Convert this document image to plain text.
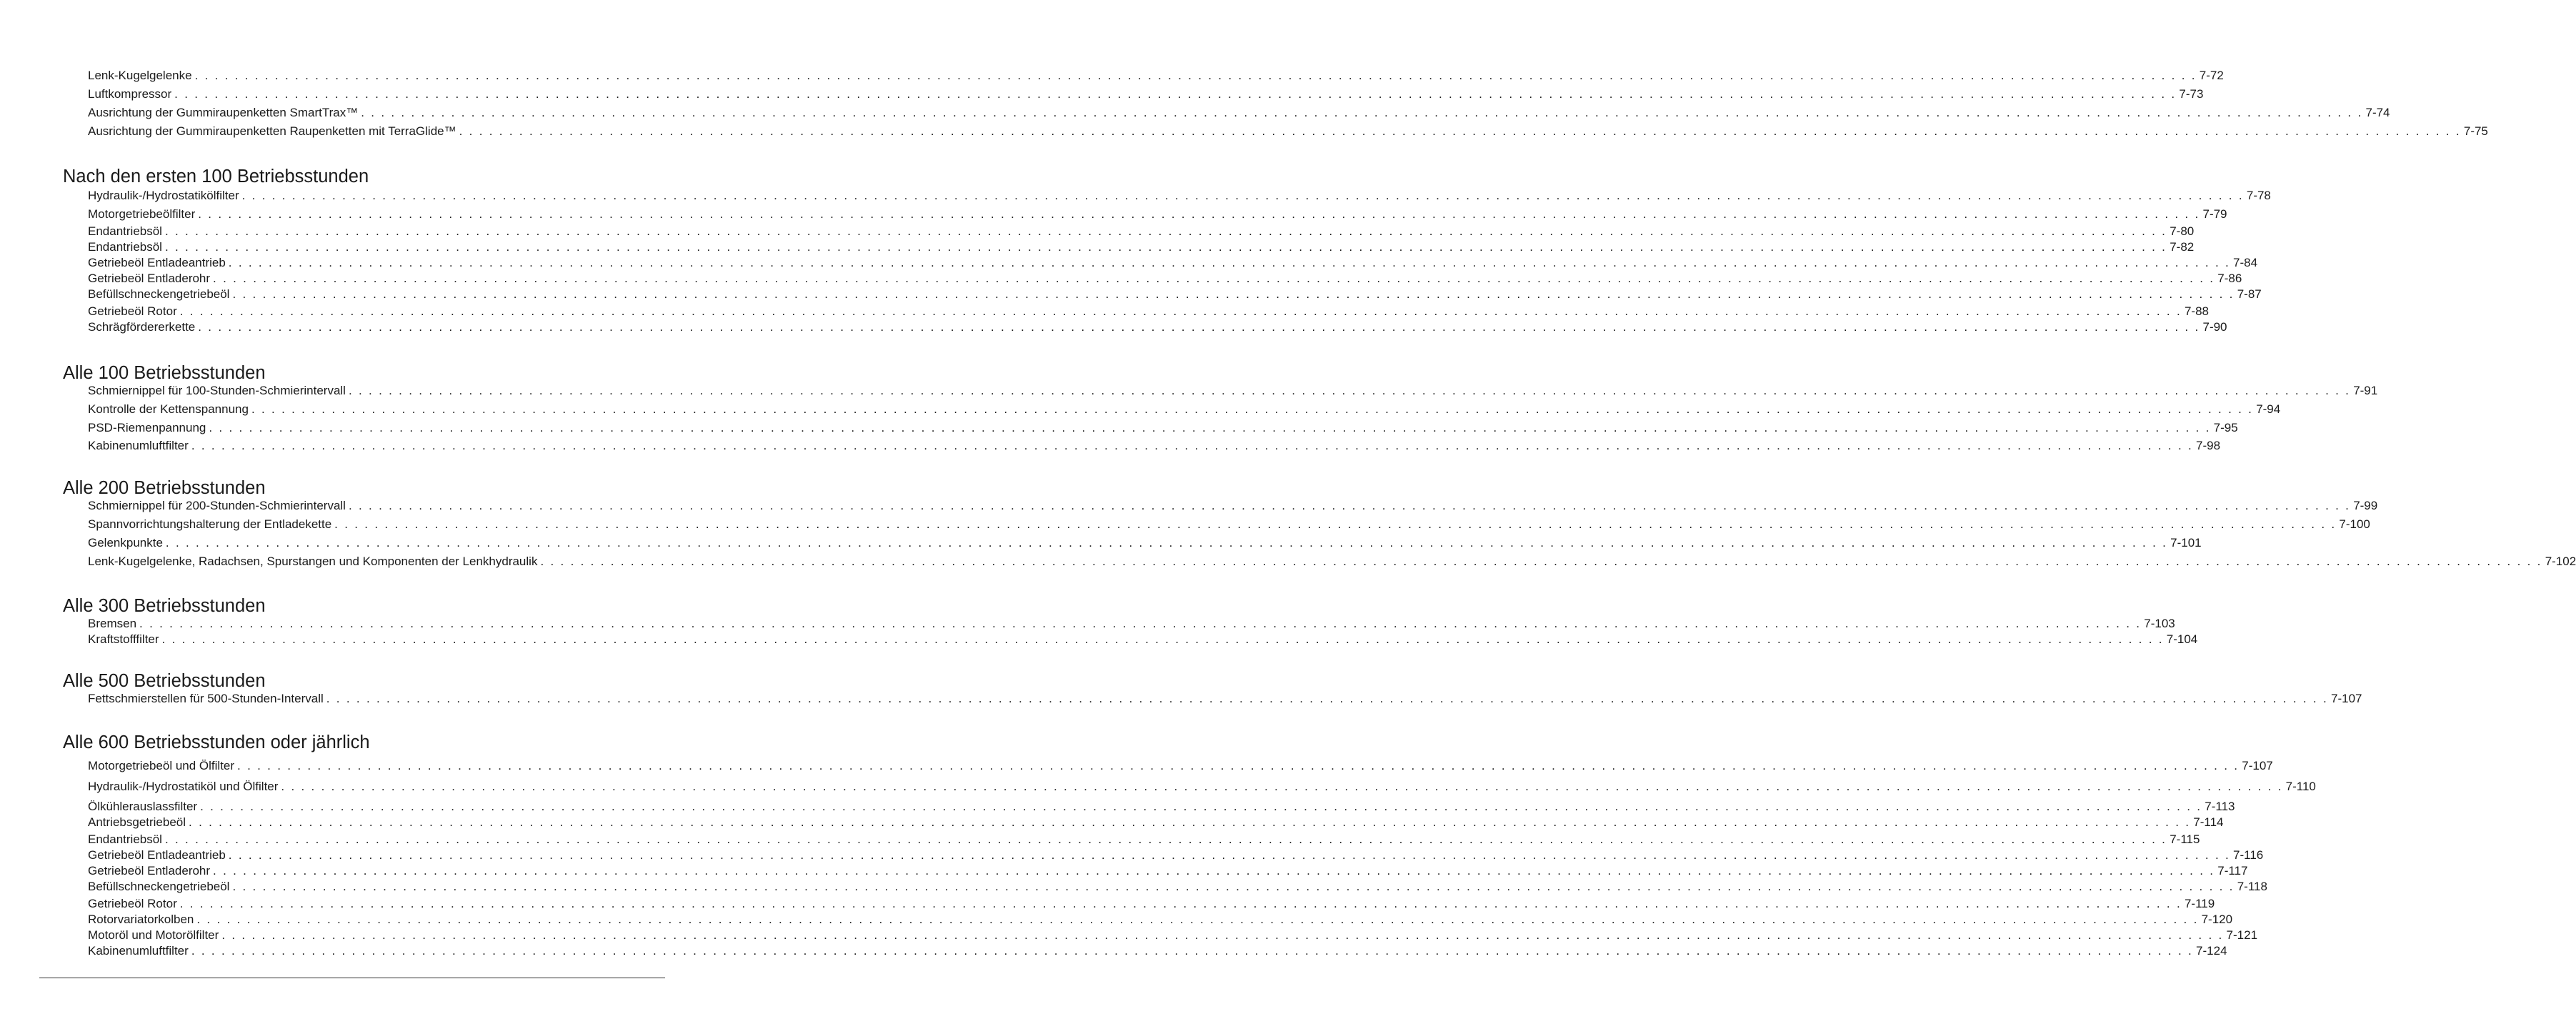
Lenk-Kugelgelenke . . . . . . . . . . . . . . . . . . . . . . . . . . . . . . . . . . . . . . . . . . . . . . . . . . . . . . . . . . . . . . . . . . . . . . . . . . . . . . . . . . . . . . . . . . . . . . . . . . . . . . . . . . . . . . . . . . . . . . . . . . . . . . . . . . . . . . . . . . . . . . . . . . . . . . . . . . . . . . . . . . . . . . . . . . . . . . . . . . . . . . . . . . . . . . . . . . . . . . . . 7-72
Luftkompressor . . . . . . . . . . . . . . . . . . . . . . . . . . . . . . . . . . . . . . . . . . . . . . . . . . . . . . . . . . . . . . . . . . . . . . . . . . . . . . . . . . . . . . . . . . . . . . . . . . . . . . . . . . . . . . . . . . . . . . . . . . . . . . . . . . . . . . . . . . . . . . . . . . . . . . . . . . . . . . . . . . . . . . . . . . . . . . . . . . . . . . . . . . . . . . . . . . . . . . . . 7-73
Ausrichtung der Gummiraupenketten SmartTrax™ . . . . . . . . . . . . . . . . . . . . . . . . . . . . . . . . . . . . . . . . . . . . . . . . . . . . . . . . . . . . . . . . . . . . . . . . . . . . . . . . . . . . . . . . . . . . . . . . . . . . . . . . . . . . . . . . . . . . . . . . . . . . . . . . . . . . . . . . . . . . . . . . . . . . . . . . . . . . . . . . . . . . . . . . . . . . . . . . . . . . . . . . . . . . . . . . . . . . . . . . 7-74
Ausrichtung der Gummiraupenketten Raupenketten mit TerraGlide™ . . . . . . . . . . . . . . . . . . . . . . . . . . . . . . . . . . . . . . . . . . . . . . . . . . . . . . . . . . . . . . . . . . . . . . . . . . . . . . . . . . . . . . . . . . . . . . . . . . . . . . . . . . . . . . . . . . . . . . . . . . . . . . . . . . . . . . . . . . . . . . . . . . . . . . . . . . . . . . . . . . . . . . . . . . . . . . . . . . . . . . . . . . . . . . . . . . . . . . . . 7-75
Nach den ersten 100 Betriebsstunden
Hydraulik-/Hydrostatikölfilter . . . . . . . . . . . . . . . . . . . . . . . . . . . . . . . . . . . . . . . . . . . . . . . . . . . . . . . . . . . . . . . . . . . . . . . . . . . . . . . . . . . . . . . . . . . . . . . . . . . . . . . . . . . . . . . . . . . . . . . . . . . . . . . . . . . . . . . . . . . . . . . . . . . . . . . . . . . . . . . . . . . . . . . . . . . . . . . . . . . . . . . . . . . . . . . . . . . . . . . . 7-78
Motorgetriebeölfilter . . . . . . . . . . . . . . . . . . . . . . . . . . . . . . . . . . . . . . . . . . . . . . . . . . . . . . . . . . . . . . . . . . . . . . . . . . . . . . . . . . . . . . . . . . . . . . . . . . . . . . . . . . . . . . . . . . . . . . . . . . . . . . . . . . . . . . . . . . . . . . . . . . . . . . . . . . . . . . . . . . . . . . . . . . . . . . . . . . . . . . . . . . . . . . . . . . . . . . . . 7-79
Endantriebsöl . . . . . . . . . . . . . . . . . . . . . . . . . . . . . . . . . . . . . . . . . . . . . . . . . . . . . . . . . . . . . . . . . . . . . . . . . . . . . . . . . . . . . . . . . . . . . . . . . . . . . . . . . . . . . . . . . . . . . . . . . . . . . . . . . . . . . . . . . . . . . . . . . . . . . . . . . . . . . . . . . . . . . . . . . . . . . . . . . . . . . . . . . . . . . . . . . . . . . . . . 7-80
Endantriebsöl . . . . . . . . . . . . . . . . . . . . . . . . . . . . . . . . . . . . . . . . . . . . . . . . . . . . . . . . . . . . . . . . . . . . . . . . . . . . . . . . . . . . . . . . . . . . . . . . . . . . . . . . . . . . . . . . . . . . . . . . . . . . . . . . . . . . . . . . . . . . . . . . . . . . . . . . . . . . . . . . . . . . . . . . . . . . . . . . . . . . . . . . . . . . . . . . . . . . . . . . 7-82
Getriebeöl Entladeantrieb . . . . . . . . . . . . . . . . . . . . . . . . . . . . . . . . . . . . . . . . . . . . . . . . . . . . . . . . . . . . . . . . . . . . . . . . . . . . . . . . . . . . . . . . . . . . . . . . . . . . . . . . . . . . . . . . . . . . . . . . . . . . . . . . . . . . . . . . . . . . . . . . . . . . . . . . . . . . . . . . . . . . . . . . . . . . . . . . . . . . . . . . . . . . . . . . . . . . . . . . 7-84
Getriebeöl Entladerohr . . . . . . . . . . . . . . . . . . . . . . . . . . . . . . . . . . . . . . . . . . . . . . . . . . . . . . . . . . . . . . . . . . . . . . . . . . . . . . . . . . . . . . . . . . . . . . . . . . . . . . . . . . . . . . . . . . . . . . . . . . . . . . . . . . . . . . . . . . . . . . . . . . . . . . . . . . . . . . . . . . . . . . . . . . . . . . . . . . . . . . . . . . . . . . . . . . . . . . . . 7-86
Befüllschneckengetriebeöl . . . . . . . . . . . . . . . . . . . . . . . . . . . . . . . . . . . . . . . . . . . . . . . . . . . . . . . . . . . . . . . . . . . . . . . . . . . . . . . . . . . . . . . . . . . . . . . . . . . . . . . . . . . . . . . . . . . . . . . . . . . . . . . . . . . . . . . . . . . . . . . . . . . . . . . . . . . . . . . . . . . . . . . . . . . . . . . . . . . . . . . . . . . . . . . . . . . . . . . . 7-87
Getriebeöl Rotor . . . . . . . . . . . . . . . . . . . . . . . . . . . . . . . . . . . . . . . . . . . . . . . . . . . . . . . . . . . . . . . . . . . . . . . . . . . . . . . . . . . . . . . . . . . . . . . . . . . . . . . . . . . . . . . . . . . . . . . . . . . . . . . . . . . . . . . . . . . . . . . . . . . . . . . . . . . . . . . . . . . . . . . . . . . . . . . . . . . . . . . . . . . . . . . . . . . . . . . . 7-88
Schrägfördererkette . . . . . . . . . . . . . . . . . . . . . . . . . . . . . . . . . . . . . . . . . . . . . . . . . . . . . . . . . . . . . . . . . . . . . . . . . . . . . . . . . . . . . . . . . . . . . . . . . . . . . . . . . . . . . . . . . . . . . . . . . . . . . . . . . . . . . . . . . . . . . . . . . . . . . . . . . . . . . . . . . . . . . . . . . . . . . . . . . . . . . . . . . . . . . . . . . . . . . . . . 7-90
Alle 100 Betriebsstunden
Schmiernippel für 100-Stunden-Schmierintervall . . . . . . . . . . . . . . . . . . . . . . . . . . . . . . . . . . . . . . . . . . . . . . . . . . . . . . . . . . . . . . . . . . . . . . . . . . . . . . . . . . . . . . . . . . . . . . . . . . . . . . . . . . . . . . . . . . . . . . . . . . . . . . . . . . . . . . . . . . . . . . . . . . . . . . . . . . . . . . . . . . . . . . . . . . . . . . . . . . . . . . . . . . . . . . . . . . . . . . . . 7-91
Kontrolle der Kettenspannung . . . . . . . . . . . . . . . . . . . . . . . . . . . . . . . . . . . . . . . . . . . . . . . . . . . . . . . . . . . . . . . . . . . . . . . . . . . . . . . . . . . . . . . . . . . . . . . . . . . . . . . . . . . . . . . . . . . . . . . . . . . . . . . . . . . . . . . . . . . . . . . . . . . . . . . . . . . . . . . . . . . . . . . . . . . . . . . . . . . . . . . . . . . . . . . . . . . . . . . . 7-94
PSD-Riemenpannung . . . . . . . . . . . . . . . . . . . . . . . . . . . . . . . . . . . . . . . . . . . . . . . . . . . . . . . . . . . . . . . . . . . . . . . . . . . . . . . . . . . . . . . . . . . . . . . . . . . . . . . . . . . . . . . . . . . . . . . . . . . . . . . . . . . . . . . . . . . . . . . . . . . . . . . . . . . . . . . . . . . . . . . . . . . . . . . . . . . . . . . . . . . . . . . . . . . . . . . . 7-95
Kabinenumluftfilter . . . . . . . . . . . . . . . . . . . . . . . . . . . . . . . . . . . . . . . . . . . . . . . . . . . . . . . . . . . . . . . . . . . . . . . . . . . . . . . . . . . . . . . . . . . . . . . . . . . . . . . . . . . . . . . . . . . . . . . . . . . . . . . . . . . . . . . . . . . . . . . . . . . . . . . . . . . . . . . . . . . . . . . . . . . . . . . . . . . . . . . . . . . . . . . . . . . . . . . . 7-98
Alle 200 Betriebsstunden
Schmiernippel für 200-Stunden-Schmierintervall . . . . . . . . . . . . . . . . . . . . . . . . . . . . . . . . . . . . . . . . . . . . . . . . . . . . . . . . . . . . . . . . . . . . . . . . . . . . . . . . . . . . . . . . . . . . . . . . . . . . . . . . . . . . . . . . . . . . . . . . . . . . . . . . . . . . . . . . . . . . . . . . . . . . . . . . . . . . . . . . . . . . . . . . . . . . . . . . . . . . . . . . . . . . . . . . . . . . . . . . 7-99
Spannvorrichtungshalterung der Entladekette . . . . . . . . . . . . . . . . . . . . . . . . . . . . . . . . . . . . . . . . . . . . . . . . . . . . . . . . . . . . . . . . . . . . . . . . . . . . . . . . . . . . . . . . . . . . . . . . . . . . . . . . . . . . . . . . . . . . . . . . . . . . . . . . . . . . . . . . . . . . . . . . . . . . . . . . . . . . . . . . . . . . . . . . . . . . . . . . . . . . . . . . . . . . . . . . . . . . . . . . 7-100
Gelenkpunkte . . . . . . . . . . . . . . . . . . . . . . . . . . . . . . . . . . . . . . . . . . . . . . . . . . . . . . . . . . . . . . . . . . . . . . . . . . . . . . . . . . . . . . . . . . . . . . . . . . . . . . . . . . . . . . . . . . . . . . . . . . . . . . . . . . . . . . . . . . . . . . . . . . . . . . . . . . . . . . . . . . . . . . . . . . . . . . . . . . . . . . . . . . . . . . . . . . . . . . . . 7-101
Lenk-Kugelgelenke, Radachsen, Spurstangen und Komponenten der Lenkhydraulik . . . . . . . . . . . . . . . . . . . . . . . . . . . . . . . . . . . . . . . . . . . . . . . . . . . . . . . . . . . . . . . . . . . . . . . . . . . . . . . . . . . . . . . . . . . . . . . . . . . . . . . . . . . . . . . . . . . . . . . . . . . . . . . . . . . . . . . . . . . . . . . . . . . . . . . . . . . . . . . . . . . . . . . . . . . . . . . . . . . . . . . . . . . . . . . . . . . . . . . . 7-102
Alle 300 Betriebsstunden
Bremsen . . . . . . . . . . . . . . . . . . . . . . . . . . . . . . . . . . . . . . . . . . . . . . . . . . . . . . . . . . . . . . . . . . . . . . . . . . . . . . . . . . . . . . . . . . . . . . . . . . . . . . . . . . . . . . . . . . . . . . . . . . . . . . . . . . . . . . . . . . . . . . . . . . . . . . . . . . . . . . . . . . . . . . . . . . . . . . . . . . . . . . . . . . . . . . . . . . . . . . . . 7-103
Kraftstofffilter . . . . . . . . . . . . . . . . . . . . . . . . . . . . . . . . . . . . . . . . . . . . . . . . . . . . . . . . . . . . . . . . . . . . . . . . . . . . . . . . . . . . . . . . . . . . . . . . . . . . . . . . . . . . . . . . . . . . . . . . . . . . . . . . . . . . . . . . . . . . . . . . . . . . . . . . . . . . . . . . . . . . . . . . . . . . . . . . . . . . . . . . . . . . . . . . . . . . . . . . 7-104
Alle 500 Betriebsstunden
Fettschmierstellen für 500-Stunden-Intervall . . . . . . . . . . . . . . . . . . . . . . . . . . . . . . . . . . . . . . . . . . . . . . . . . . . . . . . . . . . . . . . . . . . . . . . . . . . . . . . . . . . . . . . . . . . . . . . . . . . . . . . . . . . . . . . . . . . . . . . . . . . . . . . . . . . . . . . . . . . . . . . . . . . . . . . . . . . . . . . . . . . . . . . . . . . . . . . . . . . . . . . . . . . . . . . . . . . . . . . . 7-107
Alle 600 Betriebsstunden oder jährlich
Motorgetriebeöl und Ölfilter . . . . . . . . . . . . . . . . . . . . . . . . . . . . . . . . . . . . . . . . . . . . . . . . . . . . . . . . . . . . . . . . . . . . . . . . . . . . . . . . . . . . . . . . . . . . . . . . . . . . . . . . . . . . . . . . . . . . . . . . . . . . . . . . . . . . . . . . . . . . . . . . . . . . . . . . . . . . . . . . . . . . . . . . . . . . . . . . . . . . . . . . . . . . . . . . . . . . . . . . 7-107
Hydraulik-/Hydrostatiköl und Ölfilter . . . . . . . . . . . . . . . . . . . . . . . . . . . . . . . . . . . . . . . . . . . . . . . . . . . . . . . . . . . . . . . . . . . . . . . . . . . . . . . . . . . . . . . . . . . . . . . . . . . . . . . . . . . . . . . . . . . . . . . . . . . . . . . . . . . . . . . . . . . . . . . . . . . . . . . . . . . . . . . . . . . . . . . . . . . . . . . . . . . . . . . . . . . . . . . . . . . . . . . . 7-110
Ölkühlerauslassfilter . . . . . . . . . . . . . . . . . . . . . . . . . . . . . . . . . . . . . . . . . . . . . . . . . . . . . . . . . . . . . . . . . . . . . . . . . . . . . . . . . . . . . . . . . . . . . . . . . . . . . . . . . . . . . . . . . . . . . . . . . . . . . . . . . . . . . . . . . . . . . . . . . . . . . . . . . . . . . . . . . . . . . . . . . . . . . . . . . . . . . . . . . . . . . . . . . . . . . . . . 7-113
Antriebsgetriebeöl . . . . . . . . . . . . . . . . . . . . . . . . . . . . . . . . . . . . . . . . . . . . . . . . . . . . . . . . . . . . . . . . . . . . . . . . . . . . . . . . . . . . . . . . . . . . . . . . . . . . . . . . . . . . . . . . . . . . . . . . . . . . . . . . . . . . . . . . . . . . . . . . . . . . . . . . . . . . . . . . . . . . . . . . . . . . . . . . . . . . . . . . . . . . . . . . . . . . . . . . 7-114
Endantriebsöl . . . . . . . . . . . . . . . . . . . . . . . . . . . . . . . . . . . . . . . . . . . . . . . . . . . . . . . . . . . . . . . . . . . . . . . . . . . . . . . . . . . . . . . . . . . . . . . . . . . . . . . . . . . . . . . . . . . . . . . . . . . . . . . . . . . . . . . . . . . . . . . . . . . . . . . . . . . . . . . . . . . . . . . . . . . . . . . . . . . . . . . . . . . . . . . . . . . . . . . . 7-115
Getriebeöl Entladeantrieb . . . . . . . . . . . . . . . . . . . . . . . . . . . . . . . . . . . . . . . . . . . . . . . . . . . . . . . . . . . . . . . . . . . . . . . . . . . . . . . . . . . . . . . . . . . . . . . . . . . . . . . . . . . . . . . . . . . . . . . . . . . . . . . . . . . . . . . . . . . . . . . . . . . . . . . . . . . . . . . . . . . . . . . . . . . . . . . . . . . . . . . . . . . . . . . . . . . . . . . . 7-116
Getriebeöl Entladerohr . . . . . . . . . . . . . . . . . . . . . . . . . . . . . . . . . . . . . . . . . . . . . . . . . . . . . . . . . . . . . . . . . . . . . . . . . . . . . . . . . . . . . . . . . . . . . . . . . . . . . . . . . . . . . . . . . . . . . . . . . . . . . . . . . . . . . . . . . . . . . . . . . . . . . . . . . . . . . . . . . . . . . . . . . . . . . . . . . . . . . . . . . . . . . . . . . . . . . . . . 7-117
Befüllschneckengetriebeöl . . . . . . . . . . . . . . . . . . . . . . . . . . . . . . . . . . . . . . . . . . . . . . . . . . . . . . . . . . . . . . . . . . . . . . . . . . . . . . . . . . . . . . . . . . . . . . . . . . . . . . . . . . . . . . . . . . . . . . . . . . . . . . . . . . . . . . . . . . . . . . . . . . . . . . . . . . . . . . . . . . . . . . . . . . . . . . . . . . . . . . . . . . . . . . . . . . . . . . . . 7-118
Getriebeöl Rotor . . . . . . . . . . . . . . . . . . . . . . . . . . . . . . . . . . . . . . . . . . . . . . . . . . . . . . . . . . . . . . . . . . . . . . . . . . . . . . . . . . . . . . . . . . . . . . . . . . . . . . . . . . . . . . . . . . . . . . . . . . . . . . . . . . . . . . . . . . . . . . . . . . . . . . . . . . . . . . . . . . . . . . . . . . . . . . . . . . . . . . . . . . . . . . . . . . . . . . . . 7-119
Rotorvariatorkolben . . . . . . . . . . . . . . . . . . . . . . . . . . . . . . . . . . . . . . . . . . . . . . . . . . . . . . . . . . . . . . . . . . . . . . . . . . . . . . . . . . . . . . . . . . . . . . . . . . . . . . . . . . . . . . . . . . . . . . . . . . . . . . . . . . . . . . . . . . . . . . . . . . . . . . . . . . . . . . . . . . . . . . . . . . . . . . . . . . . . . . . . . . . . . . . . . . . . . . . . 7-120
Motoröl und Motorölfilter . . . . . . . . . . . . . . . . . . . . . . . . . . . . . . . . . . . . . . . . . . . . . . . . . . . . . . . . . . . . . . . . . . . . . . . . . . . . . . . . . . . . . . . . . . . . . . . . . . . . . . . . . . . . . . . . . . . . . . . . . . . . . . . . . . . . . . . . . . . . . . . . . . . . . . . . . . . . . . . . . . . . . . . . . . . . . . . . . . . . . . . . . . . . . . . . . . . . . . . . 7-121
Kabinenumluftfilter . . . . . . . . . . . . . . . . . . . . . . . . . . . . . . . . . . . . . . . . . . . . . . . . . . . . . . . . . . . . . . . . . . . . . . . . . . . . . . . . . . . . . . . . . . . . . . . . . . . . . . . . . . . . . . . . . . . . . . . . . . . . . . . . . . . . . . . . . . . . . . . . . . . . . . . . . . . . . . . . . . . . . . . . . . . . . . . . . . . . . . . . . . . . . . . . . . . . . . . . 7-124
